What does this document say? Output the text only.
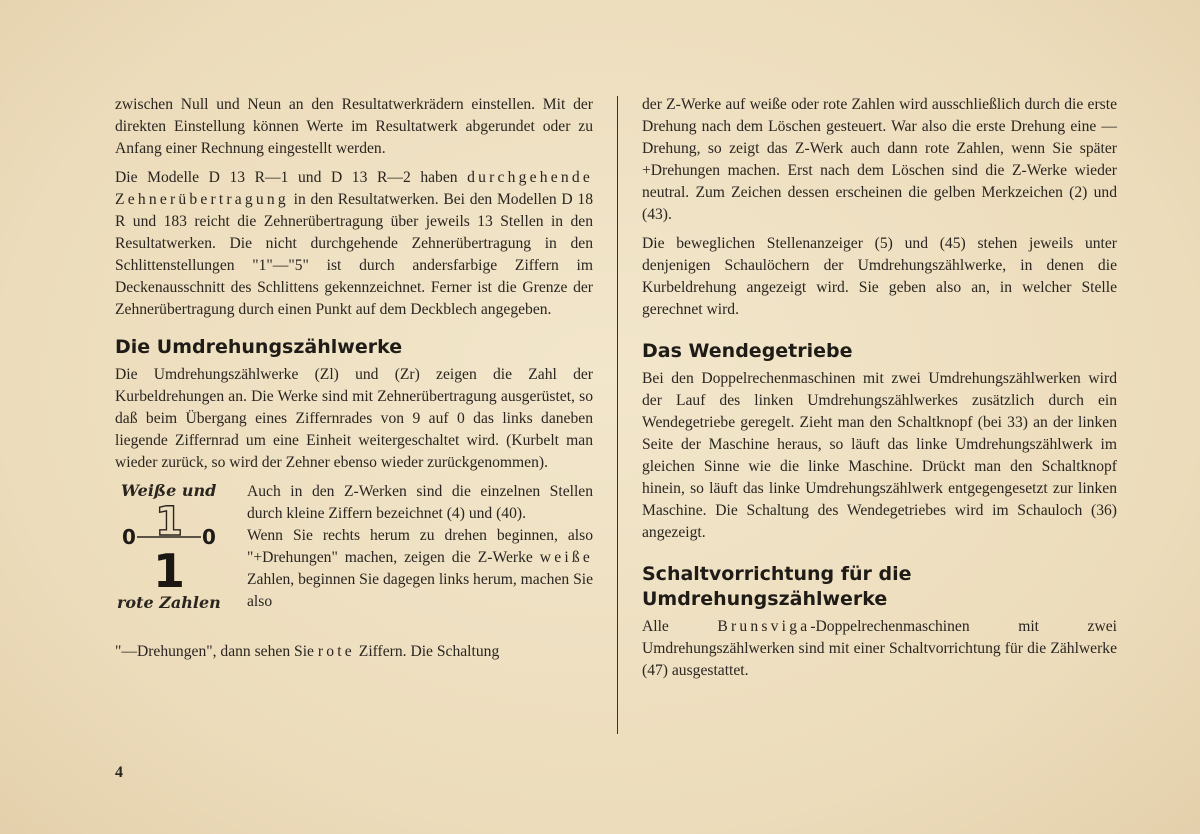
zwischen Null und Neun an den Resultatwerkrädern einstellen. Mit der direkten Einstellung können Werte im Resultatwerk abgerundet oder zu Anfang einer Rechnung eingestellt werden.

Die Modelle D 13 R—1 und D 13 R—2 haben durchgehende Zehnerübertragung in den Resultatwerken. Bei den Modellen D 18 R und 183 reicht die Zehnerübertragung über jeweils 13 Stellen in den Resultatwerken. Die nicht durchgehende Zehnerübertragung in den Schlittenstellungen "1"—"5" ist durch andersfarbige Ziffern im Deckenausschnitt des Schlittens gekennzeichnet. Ferner ist die Grenze der Zehnerübertragung durch einen Punkt auf dem Deckblech angegeben.

Die Umdrehungszählwerke

Die Umdrehungszählwerke (Zl) und (Zr) zeigen die Zahl der Kurbeldrehungen an. Die Werke sind mit Zehnerübertragung ausgerüstet, so daß beim Übergang eines Ziffernrades von 9 auf 0 das links daneben liegende Ziffernrad um eine Einheit weitergeschaltet wird. (Kurbelt man wieder zurück, so wird der Zehner ebenso wieder zurückgenommen).

Weiße und
0	0
1
1
rote Zahlen

Auch in den Z-Werken sind die einzelnen Stellen durch kleine Ziffern bezeichnet (4) und (40).

Wenn Sie rechts herum zu drehen beginnen, also "+Drehungen" machen, zeigen die Z-Werke weiße Zahlen, beginnen Sie dagegen links herum, machen Sie also

"—Drehungen", dann sehen Sie rote Ziffern. Die Schaltung

der Z-Werke auf weiße oder rote Zahlen wird ausschließlich durch die erste Drehung nach dem Löschen gesteuert. War also die erste Drehung eine —Drehung, so zeigt das Z-Werk auch dann rote Zahlen, wenn Sie später +Drehungen machen. Erst nach dem Löschen sind die Z-Werke wieder neutral. Zum Zeichen dessen erscheinen die gelben Merkzeichen (2) und (43).

Die beweglichen Stellenanzeiger (5) und (45) stehen jeweils unter denjenigen Schaulöchern der Umdrehungszählwerke, in denen die Kurbeldrehung angezeigt wird. Sie geben also an, in welcher Stelle gerechnet wird.

Das Wendegetriebe

Bei den Doppelrechenmaschinen mit zwei Umdrehungszählwerken wird der Lauf des linken Umdrehungszählwerkes zusätzlich durch ein Wendegetriebe geregelt. Zieht man den Schaltknopf (bei 33) an der linken Seite der Maschine heraus, so läuft das linke Umdrehungszählwerk im gleichen Sinne wie die linke Maschine. Drückt man den Schaltknopf hinein, so läuft das linke Umdrehungszählwerk entgegengesetzt zur linken Maschine. Die Schaltung des Wendegetriebes wird im Schauloch (36) angezeigt.

Schaltvorrichtung für die Umdrehungszählwerke

Alle Brunsviga-Doppelrechenmaschinen mit zwei Umdrehungszählwerken sind mit einer Schaltvorrichtung für die Zählwerke (47) ausgestattet.

4
